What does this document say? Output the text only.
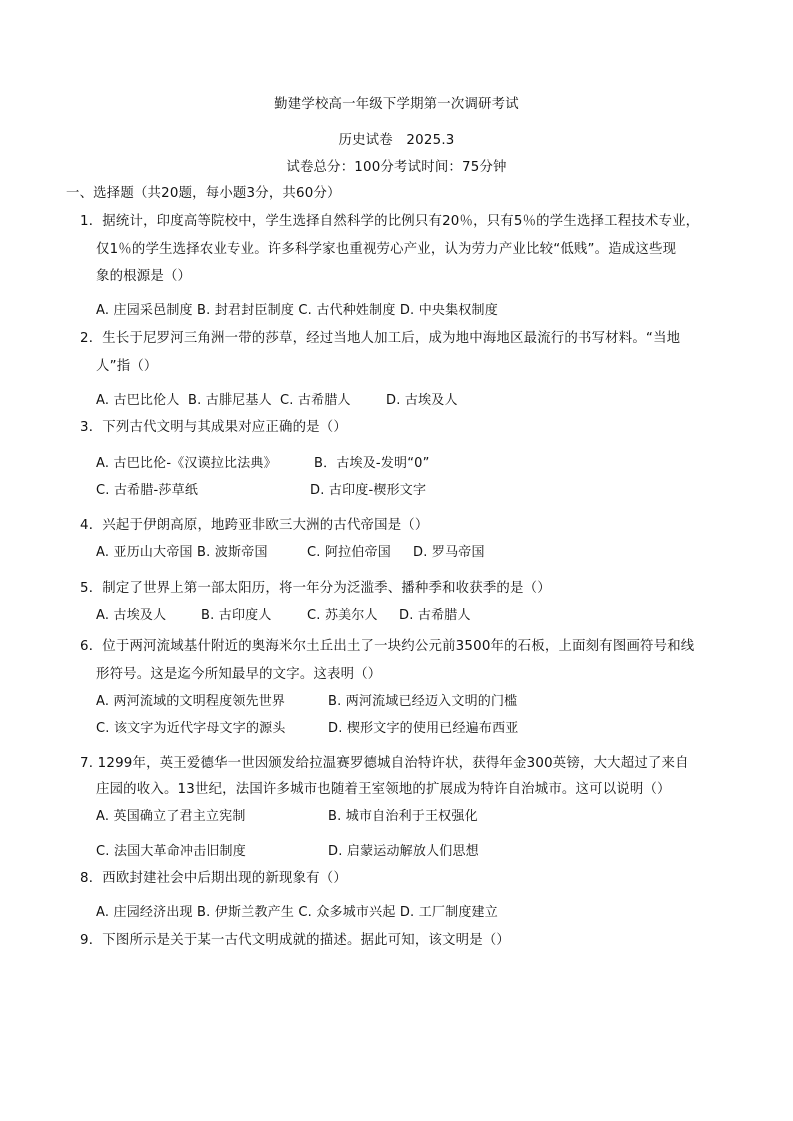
勤建学校高一年级下学期第一次调研考试
历史试卷　2025.3
试卷总分：100分考试时间：75分钟
一、选择题（共20题，每小题3分，共60分）
1．据统计，印度高等院校中，学生选择自然科学的比例只有20％，只有5％的学生选择工程技术专业，
仅1％的学生选择农业专业。许多科学家也重视劳心产业，认为劳力产业比较“低贱”。造成这些现
象的根源是（）
A. 庄园采邑制度 B. 封君封臣制度 C. 古代种姓制度 D. 中央集权制度
2．生长于尼罗河三角洲一带的莎草，经过当地人加工后，成为地中海地区最流行的书写材料。“当地
人”指（）
A. 古巴比伦人 B. 古腓尼基人 C. 古希腊人	D. 古埃及人
3．下列古代文明与其成果对应正确的是（）
A. 古巴比伦-《汉谟拉比法典》	B．古埃及-发明“0”
C. 古希腊-莎草纸	D. 古印度-楔形文字
4．兴起于伊朗高原，地跨亚非欧三大洲的古代帝国是（）
A. 亚历山大帝国 B. 波斯帝国	C. 阿拉伯帝国 D. 罗马帝国
5．制定了世界上第一部太阳历，将一年分为泛滥季、播种季和收获季的是（）
A. 古埃及人	B. 古印度人	C. 苏美尔人 D. 古希腊人
6．位于两河流域基什附近的奥海米尔土丘出土了一块约公元前3500年的石板，上面刻有图画符号和线
形符号。这是迄今所知最早的文字。这表明（）
A. 两河流域的文明程度领先世界	B. 两河流域已经迈入文明的门槛
C. 该文字为近代字母文字的源头	D. 楔形文字的使用已经遍布西亚
7. 1299年，英王爱德华一世因颁发给拉温赛罗德城自治特许状，获得年金300英镑，大大超过了来自
庄园的收入。13世纪，法国许多城市也随着王室领地的扩展成为特许自治城市。这可以说明（）
A. 英国确立了君主立宪制	B. 城市自治利于王权强化
C. 法国大革命冲击旧制度	D. 启蒙运动解放人们思想
8．西欧封建社会中后期出现的新现象有（）
A. 庄园经济出现 B. 伊斯兰教产生 C. 众多城市兴起 D. 工厂制度建立
9．下图所示是关于某一古代文明成就的描述。据此可知，该文明是（）
